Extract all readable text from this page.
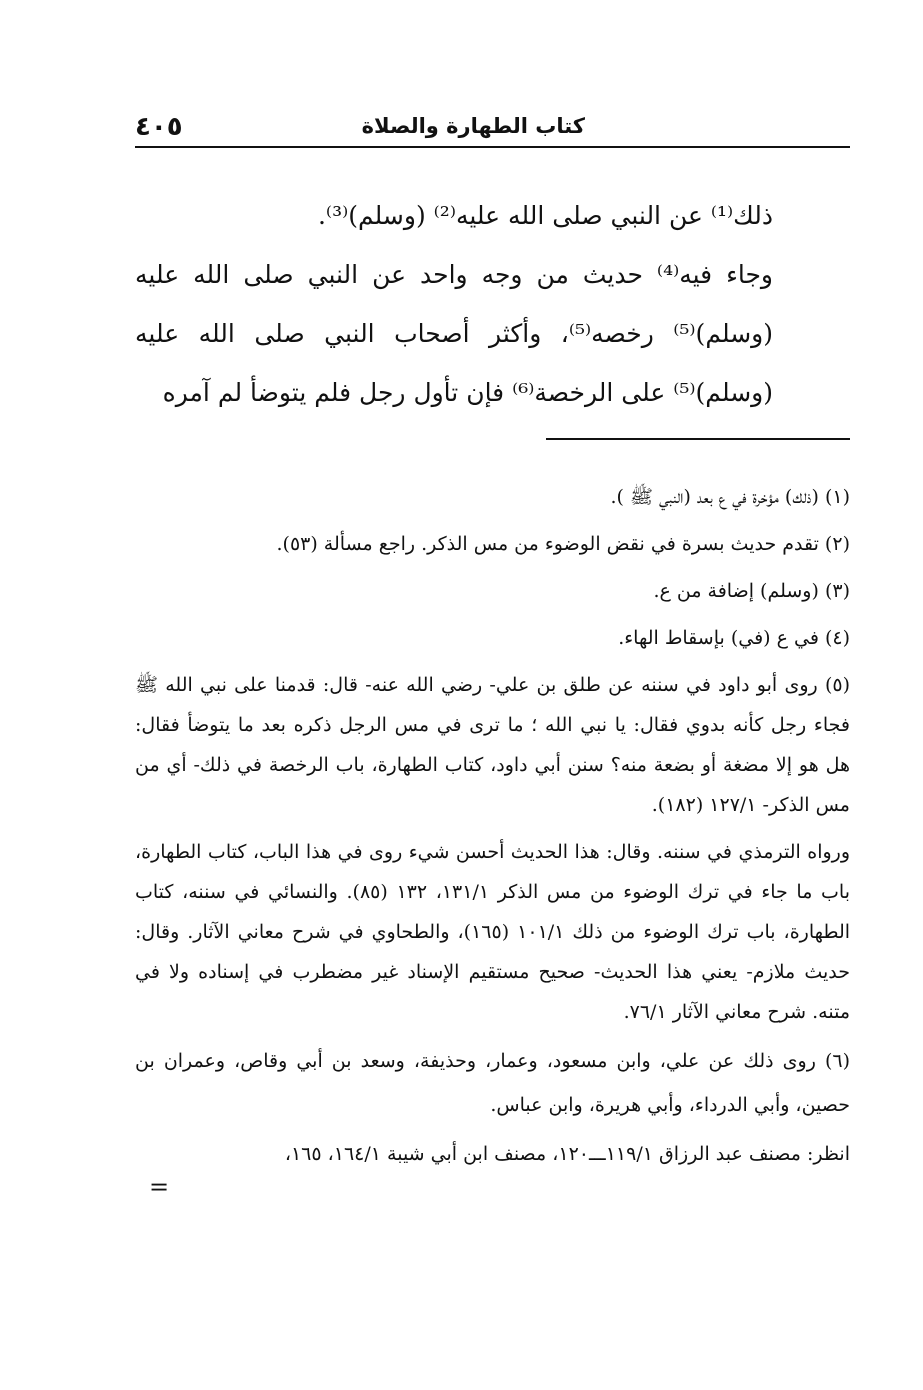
٤٠٥	كتاب الطهارة والصلاة

ذلك⁽¹⁾ عن النبي صلى الله عليه⁽²⁾ (وسلم)⁽³⁾.

وجاء فيه⁽⁴⁾ حديث من وجه واحد عن النبي صلى الله عليه (وسلم)⁽⁵⁾ رخصه⁽⁵⁾، وأكثر أصحاب النبي صلى الله عليه (وسلم)⁽⁵⁾ على الرخصة⁽⁶⁾ فإن تأول رجل فلم يتوضأ لم آمره

(١) (ذلك) مؤخرة في ع بعد (النبي ﷺ ).

(٢) تقدم حديث بسرة في نقض الوضوء من مس الذكر. راجع مسألة (٥٣).

(٣) (وسلم) إضافة من ع.

(٤) في ع (في) بإسقاط الهاء.

(٥) روى أبو داود في سننه عن طلق بن علي- رضي الله عنه- قال: قدمنا على نبي الله ﷺ فجاء رجل كأنه بدوي فقال: يا نبي الله ؛ ما ترى في مس الرجل ذكره بعد ما يتوضأ فقال: هل هو إلا مضغة أو بضعة منه؟ سنن أبي داود، كتاب الطهارة، باب الرخصة في ذلك- أي من مس الذكر- ١٢٧/١ (١٨٢).

ورواه الترمذي في سننه. وقال: هذا الحديث أحسن شيء روى في هذا الباب، كتاب الطهارة، باب ما جاء في ترك الوضوء من مس الذكر ١٣١/١، ١٣٢ (٨٥). والنسائي في سننه، كتاب الطهارة، باب ترك الوضوء من ذلك ١٠١/١ (١٦٥)، والطحاوي في شرح معاني الآثار. وقال: حديث ملازم- يعني هذا الحديث- صحيح مستقيم الإسناد غير مضطرب في إسناده ولا في متنه. شرح معاني الآثار ٧٦/١.

(٦) روى ذلك عن علي، وابن مسعود، وعمار، وحذيفة، وسعد بن أبي وقاص، وعمران بن حصين، وأبي الدرداء، وأبي هريرة، وابن عباس.

انظر: مصنف عبد الرزاق ١١٩/١ـــ١٢٠، مصنف ابن أبي شيبة ١٦٤/١، ١٦٥،

=
